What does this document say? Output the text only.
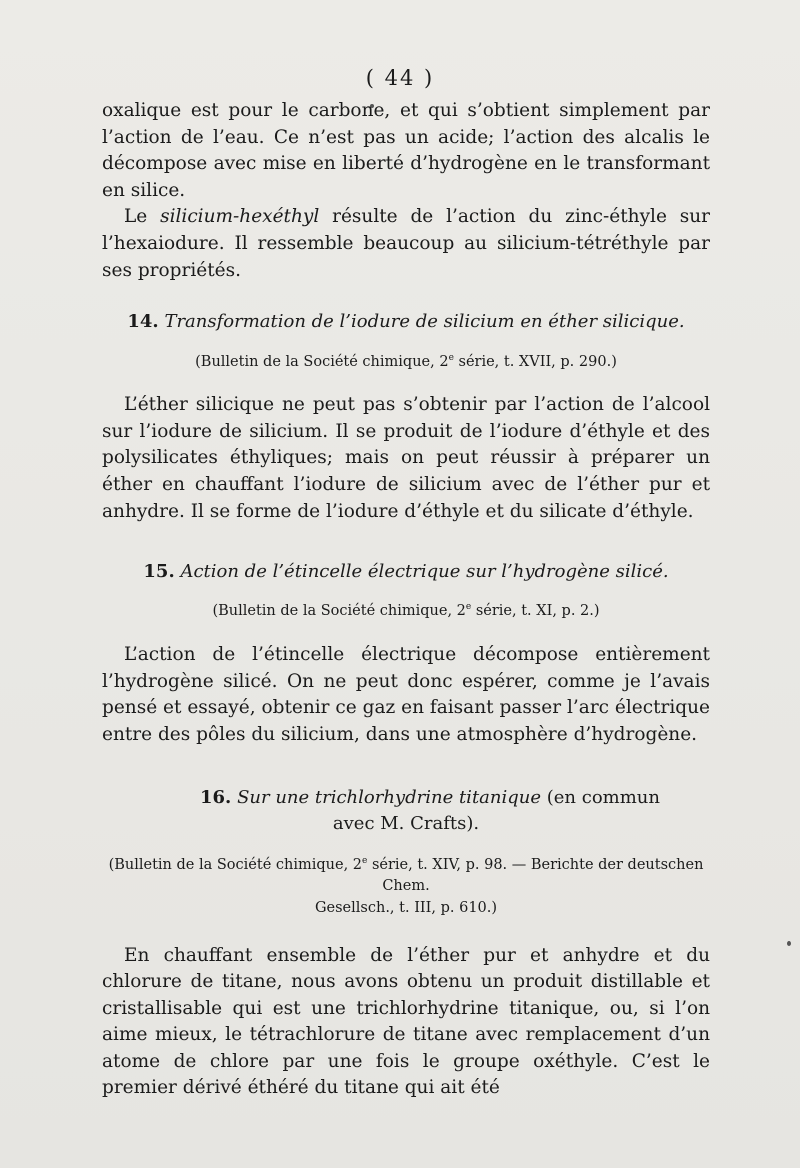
( 44 )

oxalique est pour le carbone, et qui s’obtient simplement par l’action de l’eau. Ce n’est pas un acide; l’action des alcalis le décompose avec mise en liberté d’hydrogène en le transformant en silice.

Le silicium-hexéthyl résulte de l’action du zinc-éthyle sur l’hexaiodure. Il ressemble beaucoup au silicium-tétréthyle par ses propriétés.

14. Transformation de l’iodure de silicium en éther silicique.

(Bulletin de la Société chimique, 2e série, t. XVII, p. 290.)

L’éther silicique ne peut pas s’obtenir par l’action de l’alcool sur l’iodure de silicium. Il se produit de l’iodure d’éthyle et des polysilicates éthyliques; mais on peut réussir à préparer un éther en chauffant l’iodure de silicium avec de l’éther pur et anhydre. Il se forme de l’iodure d’éthyle et du silicate d’éthyle.

15. Action de l’étincelle électrique sur l’hydrogène silicé.

(Bulletin de la Société chimique, 2e série, t. XI, p. 2.)

L’action de l’étincelle électrique décompose entièrement l’hydrogène silicé. On ne peut donc espérer, comme je l’avais pensé et essayé, obtenir ce gaz en faisant passer l’arc électrique entre des pôles du silicium, dans une atmosphère d’hydrogène.

16. Sur une trichlorhydrine titanique (en commun

avec M. Crafts).

(Bulletin de la Société chimique, 2e série, t. XIV, p. 98. — Berichte der deutschen Chem.

Gesellsch., t. III, p. 610.)

En chauffant ensemble de l’éther pur et anhydre et du chlorure de titane, nous avons obtenu un produit distillable et cristallisable qui est une trichlorhydrine titanique, ou, si l’on aime mieux, le tétrachlorure de titane avec remplacement d’un atome de chlore par une fois le groupe oxéthyle. C’est le premier dérivé éthéré du titane qui ait été
